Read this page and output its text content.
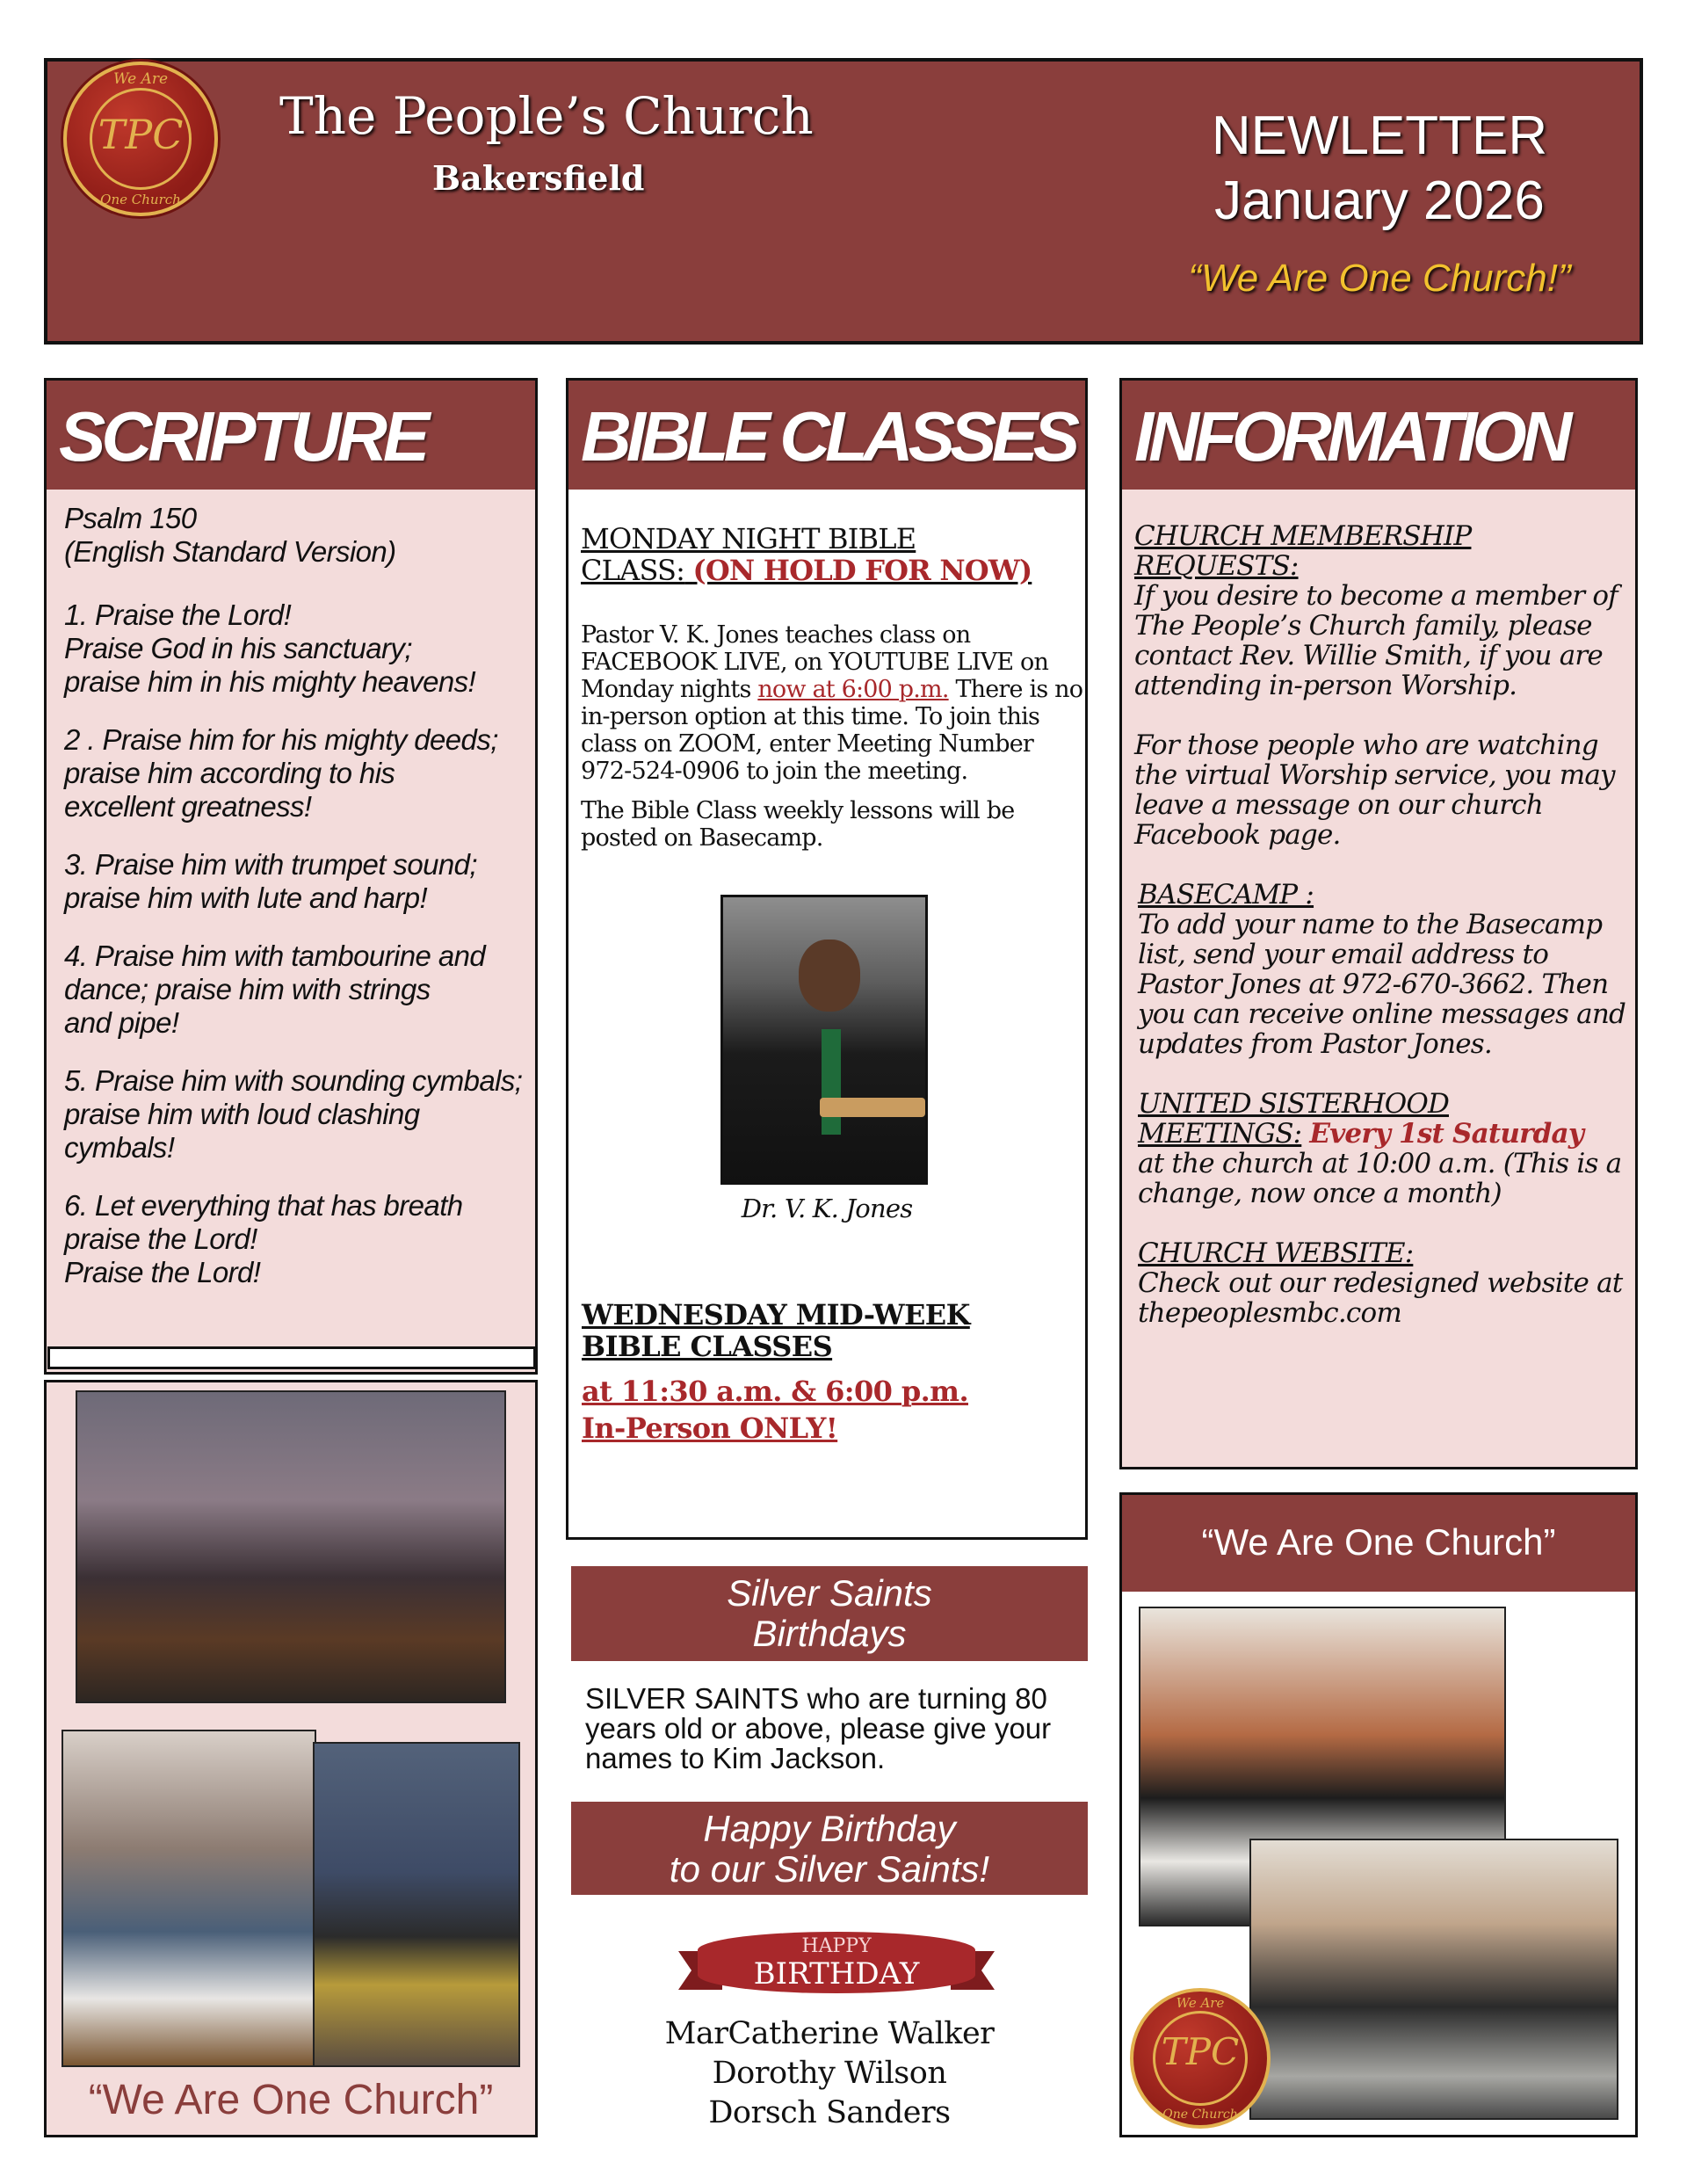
We Are
TPC
One Church
The People’s Church
Bakersfield
NEWLETTER
January 2026
“We Are One Church!”
SCRIPTURE

Psalm 150
(English Standard Version)

1. Praise the Lord!
Praise God in his sanctuary;
praise him in his mighty heavens!

2 . Praise him for his mighty deeds;
praise him according to his
excellent greatness!

3. Praise him with trumpet sound;
praise him with lute and harp!

4. Praise him with tambourine and
dance; praise him with strings
and pipe!

5. Praise him with sounding cymbals;
praise him with loud clashing
cymbals!

6. Let everything that has breath
praise the Lord!
Praise the Lord!

“We Are One Church”
BIBLE CLASSES
MONDAY NIGHT BIBLE
CLASS: (ON HOLD FOR NOW)
Pastor V. K. Jones teaches class on FACEBOOK LIVE, on YOUTUBE LIVE on Monday nights now at 6:00 p.m. There is no in-person option at this time. To join this class on ZOOM, enter Meeting Number 972-524-0906 to join the meeting.
The Bible Class weekly lessons will be posted on Basecamp.
Dr. V. K. Jones
WEDNESDAY MID-WEEK
BIBLE CLASSES
at 11:30 a.m. & 6:00 p.m.
In-Person ONLY!
Silver Saints
Birthdays
SILVER SAINTS who are turning 80 years old or above, please give your names to Kim Jackson.
Happy Birthday
to our Silver Saints!
HAPPY
BIRTHDAY
MarCatherine Walker
Dorothy Wilson
Dorsch Sanders
INFORMATION
CHURCH MEMBERSHIP REQUESTS:
If you desire to become a member of The People’s Church family, please contact Rev. Willie Smith, if you are attending in-person Worship.
For those people who are watching the virtual Worship service, you may leave a message on our church Facebook page.
BASECAMP :
To add your name to the Basecamp list, send your email address to Pastor Jones at 972-670-3662. Then you can receive online messages and updates from Pastor Jones.
UNITED SISTERHOOD
MEETINGS: Every 1st Saturday
at the church at 10:00 a.m. (This is a change, now once a month)
CHURCH WEBSITE:
Check out our redesigned website at thepeoplesmbc.com
“We Are One Church”
We Are
TPC
One Church
